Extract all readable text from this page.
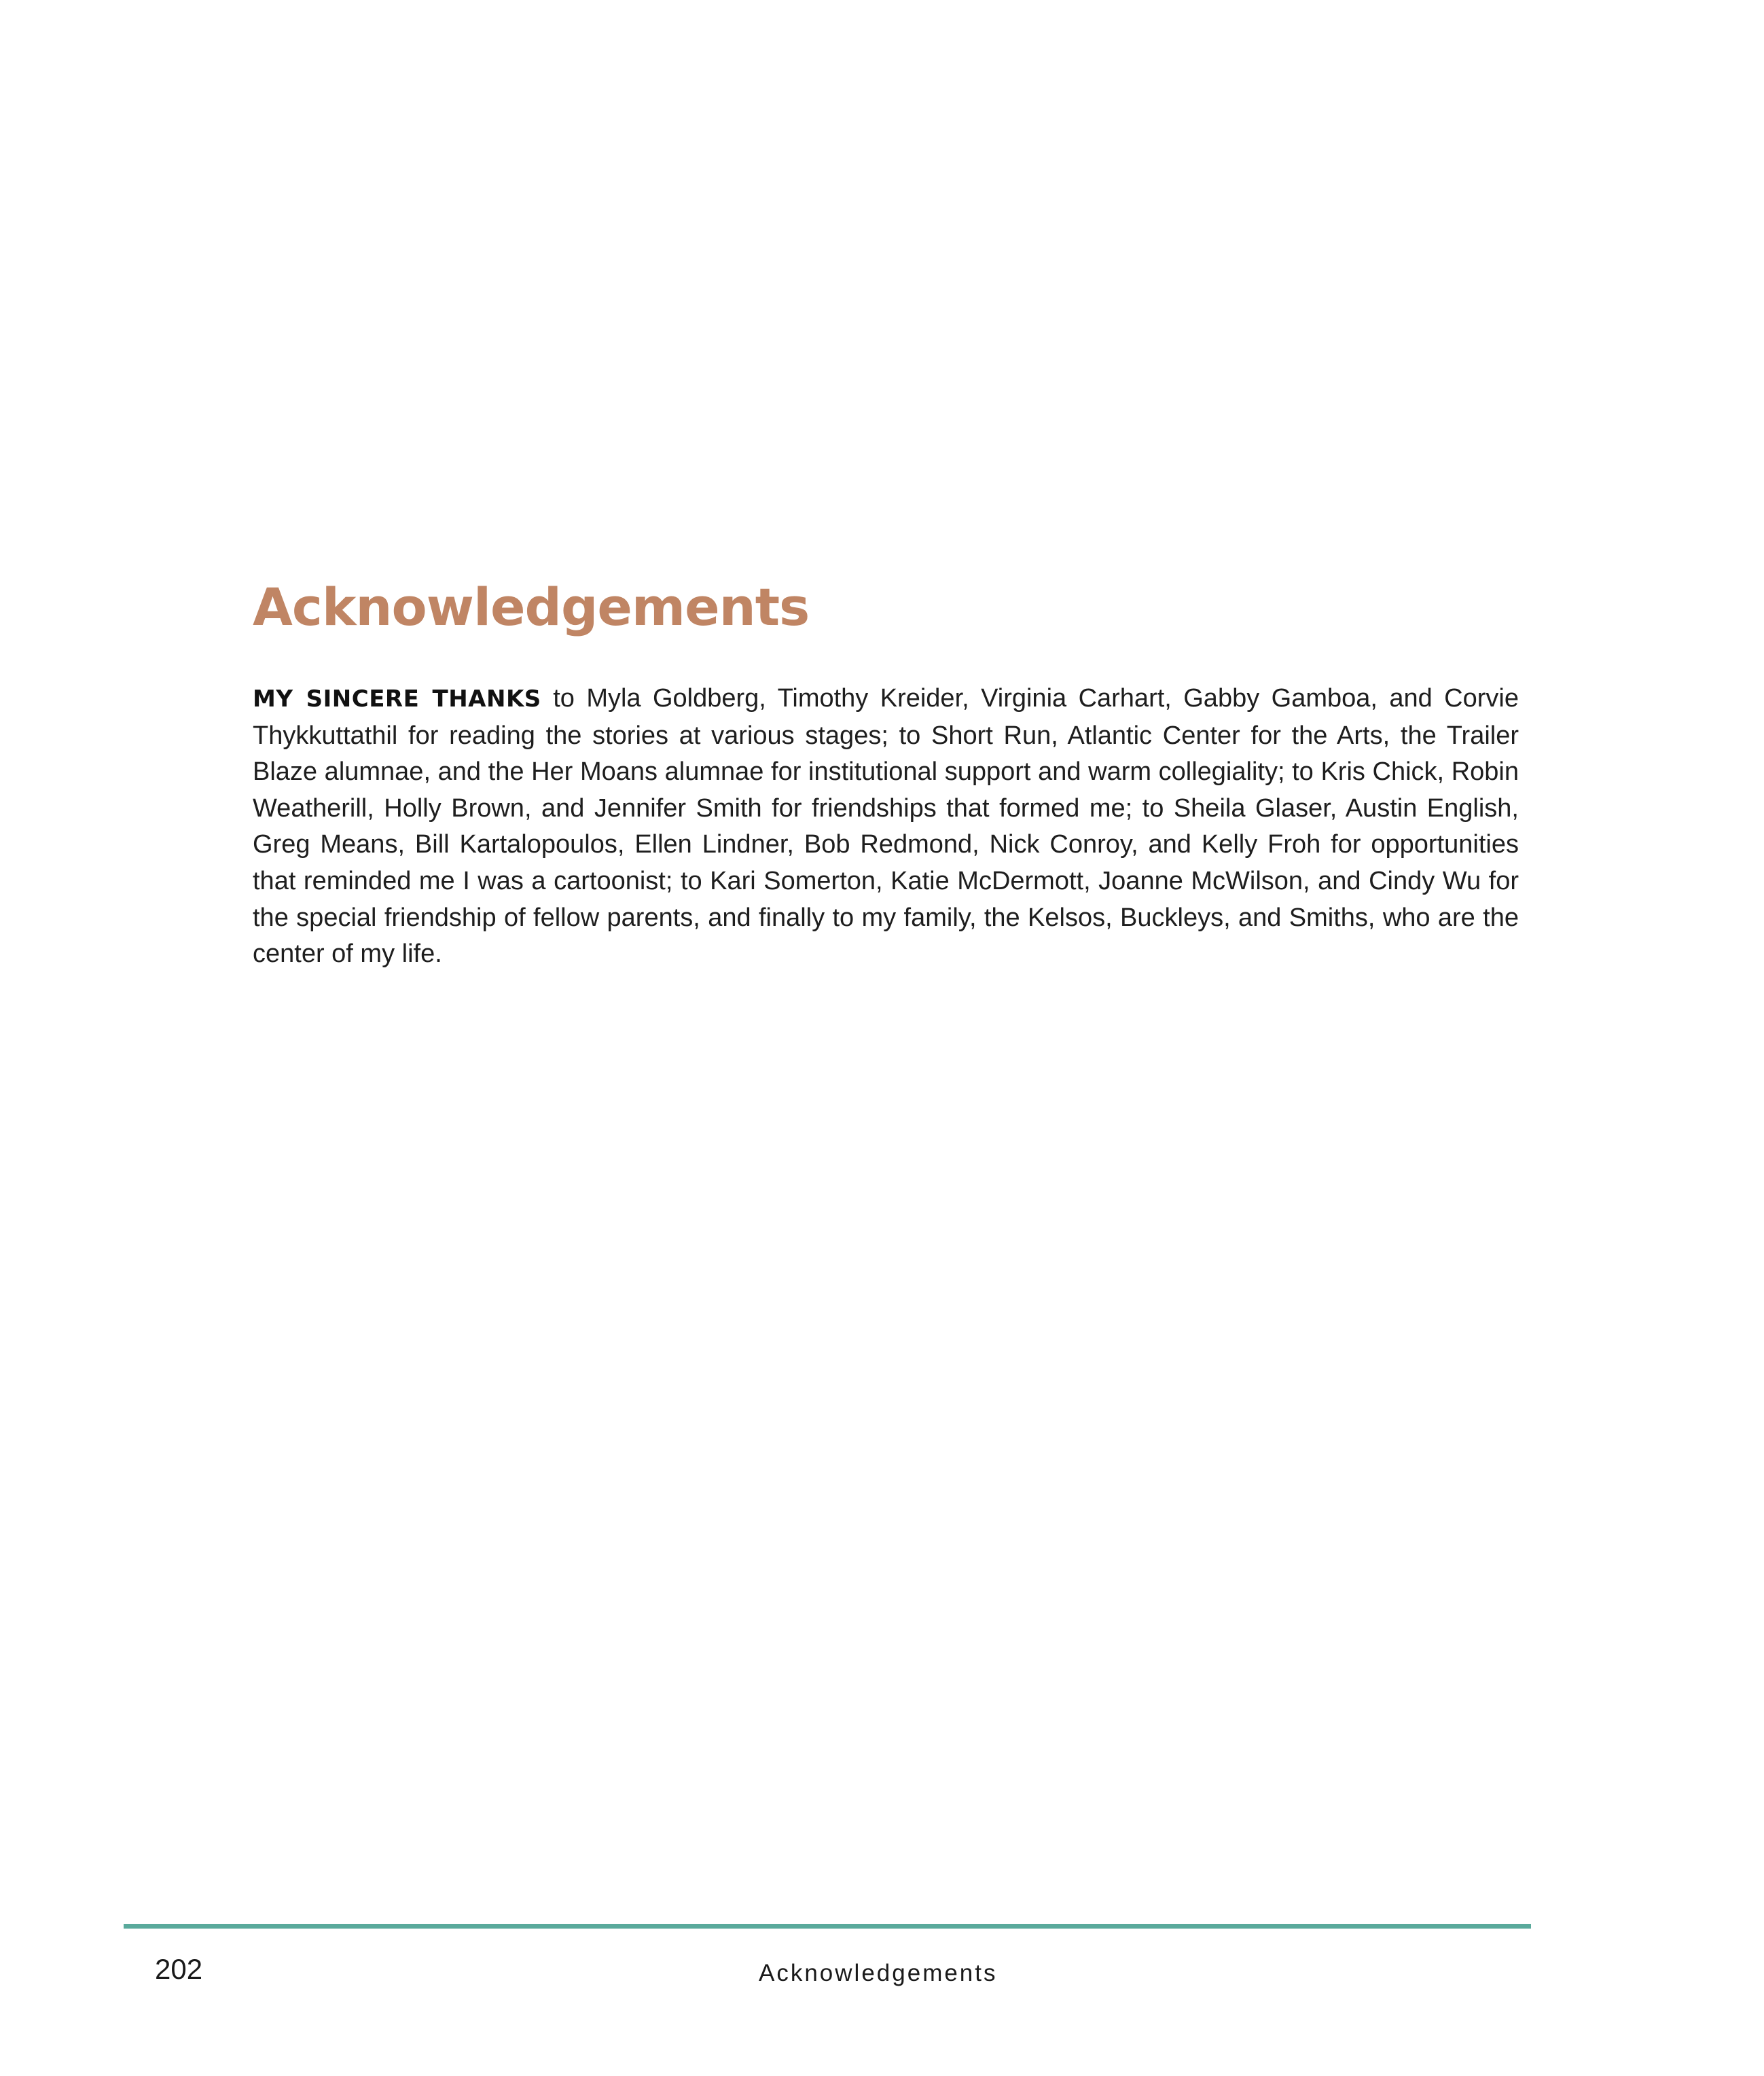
Acknowledgements

MY SINCERE THANKS to Myla Goldberg, Timothy Kreider, Virginia Carhart, Gabby Gamboa, and Corvie Thykkuttathil for reading the stories at various stages; to Short Run, Atlantic Center for the Arts, the Trailer Blaze alumnae, and the Her Moans alumnae for institutional support and warm collegiality; to Kris Chick, Robin Weatherill, Holly Brown, and Jennifer Smith for friendships that formed me; to Sheila Glaser, Austin English, Greg Means, Bill Kartalopoulos, Ellen Lindner, Bob Redmond, Nick Conroy, and Kelly Froh for opportunities that reminded me I was a cartoonist; to Kari Somerton, Katie McDermott, Joanne McWilson, and Cindy Wu for the special friendship of fellow parents, and finally to my family, the Kelsos, Buckleys, and Smiths, who are the center of my life.

202	Acknowledgements
